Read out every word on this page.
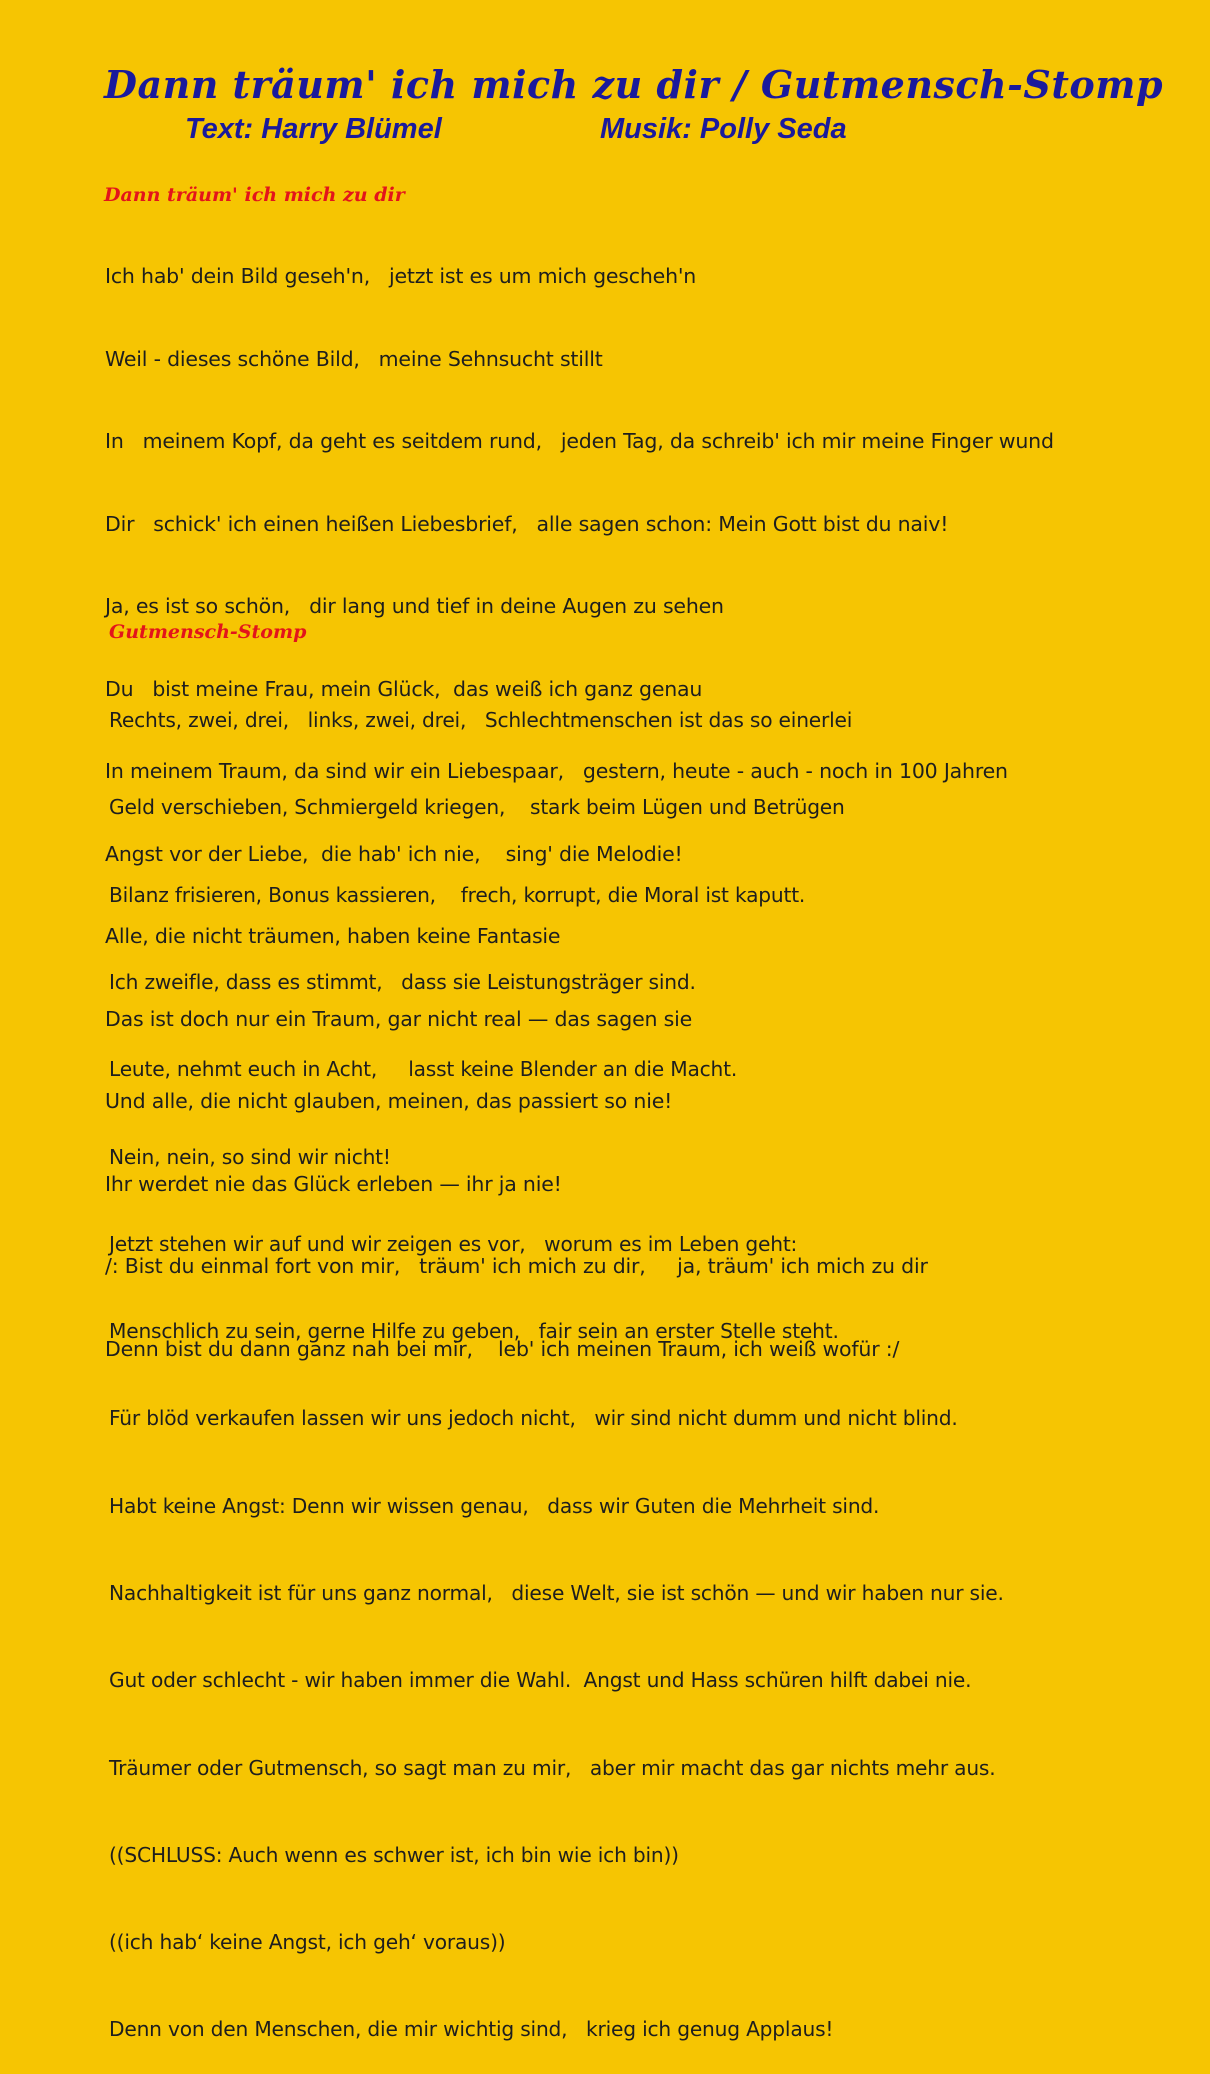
Dann träum' ich mich zu dir / Gutmensch-Stomp
Text: Harry Blümel	Musik: Polly Seda
Dann träum' ich mich zu dir

Ich hab' dein Bild geseh'n,   jetzt ist es um mich gescheh'n

Weil - dieses schöne Bild,   meine Sehnsucht stillt

In   meinem Kopf, da geht es seitdem rund,   jeden Tag, da schreib' ich mir meine Finger wund

Dir   schick' ich einen heißen Liebesbrief,   alle sagen schon: Mein Gott bist du naiv!

Ja, es ist so schön,   dir lang und tief in deine Augen zu sehen

Du   bist meine Frau, mein Glück,  das weiß ich ganz genau

In meinem Traum, da sind wir ein Liebespaar,   gestern, heute - auch - noch in 100 Jahren

Angst vor der Liebe,  die hab' ich nie,    sing' die Melodie!

Alle, die nicht träumen, haben keine Fantasie

Das ist doch nur ein Traum, gar nicht real — das sagen sie

Und alle, die nicht glauben, meinen, das passiert so nie!

Ihr werdet nie das Glück erleben — ihr ja nie!

/: Bist du einmal fort von mir,   träum' ich mich zu dir,     ja, träum' ich mich zu dir

Denn bist du dann ganz nah bei mir,    leb' ich meinen Traum, ich weiß wofür :/

Gutmensch-Stomp

Rechts, zwei, drei,   links, zwei, drei,   Schlechtmenschen ist das so einerlei

Geld verschieben, Schmiergeld kriegen,    stark beim Lügen und Betrügen

Bilanz frisieren, Bonus kassieren,    frech, korrupt, die Moral ist kaputt.

Ich zweifle, dass es stimmt,   dass sie Leistungsträger sind.

Leute, nehmt euch in Acht,     lasst keine Blender an die Macht.

Nein, nein, so sind wir nicht!

Jetzt stehen wir auf und wir zeigen es vor,   worum es im Leben geht:

Menschlich zu sein, gerne Hilfe zu geben,   fair sein an erster Stelle steht.

Für blöd verkaufen lassen wir uns jedoch nicht,   wir sind nicht dumm und nicht blind.

Habt keine Angst: Denn wir wissen genau,   dass wir Guten die Mehrheit sind.

Nachhaltigkeit ist für uns ganz normal,   diese Welt, sie ist schön — und wir haben nur sie.

Gut oder schlecht - wir haben immer die Wahl.  Angst und Hass schüren hilft dabei nie.

Träumer oder Gutmensch, so sagt man zu mir,   aber mir macht das gar nichts mehr aus.

((SCHLUSS: Auch wenn es schwer ist, ich bin wie ich bin))

((ich hab‘ keine Angst, ich geh‘ voraus))

Denn von den Menschen, die mir wichtig sind,   krieg ich genug Applaus!
